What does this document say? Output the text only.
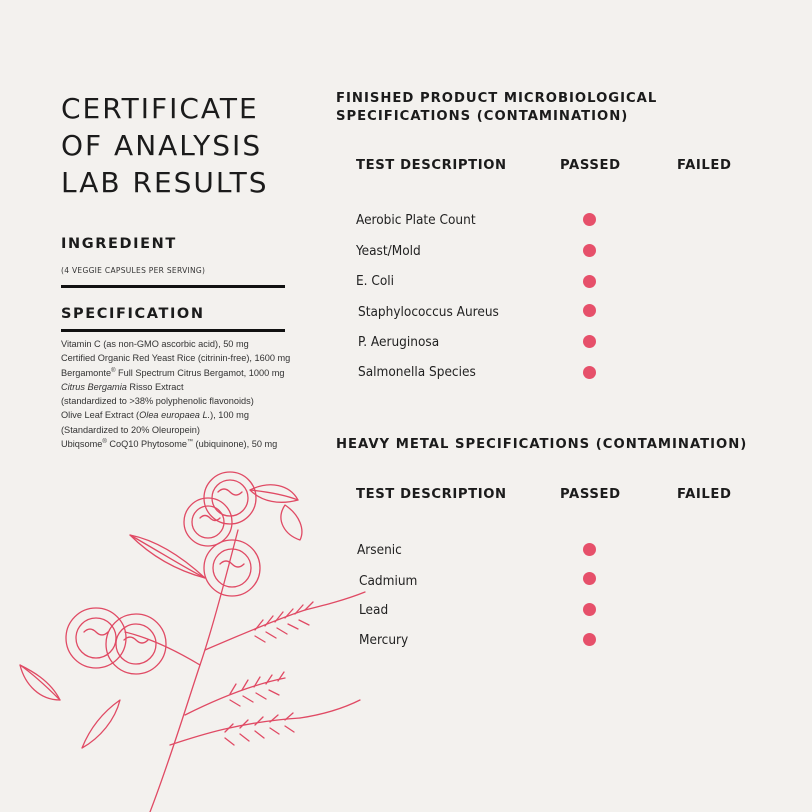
CERTIFICATE
OF ANALYSIS
LAB RESULTS
INGREDIENT
(4 VEGGIE CAPSULES PER SERVING)
SPECIFICATION
Vitamin C (as non-GMO ascorbic acid), 50 mg
Certified Organic Red Yeast Rice (citrinin-free), 1600 mg
Bergamonte® Full Spectrum Citrus Bergamot, 1000 mg
Citrus Bergamia Risso Extract
(standardized to >38% polyphenolic flavonoids)
Olive Leaf Extract (Olea europaea L.), 100 mg
(Standardized to 20% Oleuropein)
Ubiqsome® CoQ10 Phytosome™ (ubiquinone), 50 mg
FINISHED PRODUCT MICROBIOLOGICAL
SPECIFICATIONS (CONTAMINATION)
TEST DESCRIPTION	PASSED	FAILED
Aerobic Plate Count
Yeast/Mold
E. Coli
Staphylococcus Aureus
P. Aeruginosa
Salmonella Species
HEAVY METAL SPECIFICATIONS (CONTAMINATION)
TEST DESCRIPTION	PASSED	FAILED
Arsenic
Cadmium
Lead
Mercury
